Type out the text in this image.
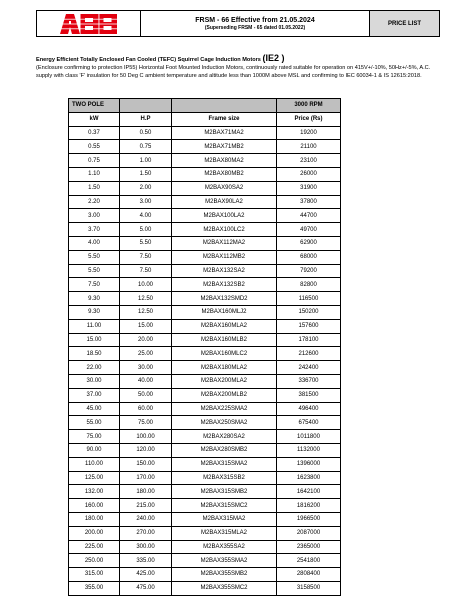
FRSM - 66 Effective from 21.05.2024
(Superseding FRSM - 65 dated 01.05.2022)
PRICE LIST
Energy Efficient Totally Enclosed Fan Cooled (TEFC) Squirrel Cage Induction Motors (IE2 )
(Enclosure confirming to protection IP55) Horizontal Foot Mounted Induction Motors, continuously rated suitable for operation on 415V+/-10%, 50Hz+/-5%, A.C. supply with class 'F' insulation for 50 Deg C ambient temperature and altitude less than 1000M above MSL and confirming to IEC 60034-1 & IS 12615:2018.
TWO POLE			3000 RPM
kW	H.P	Frame size	Price (Rs)
0.37	0.50	M2BAX71MA2	19200
0.55	0.75	M2BAX71MB2	21100
0.75	1.00	M2BAX80MA2	23100
1.10	1.50	M2BAX80MB2	26000
1.50	2.00	M2BAX90SA2	31900
2.20	3.00	M2BAX90LA2	37800
3.00	4.00	M2BAX100LA2	44700
3.70	5.00	M2BAX100LC2	49700
4.00	5.50	M2BAX112MA2	62900
5.50	7.50	M2BAX112MB2	68000
5.50	7.50	M2BAX132SA2	79200
7.50	10.00	M2BAX132SB2	82800
9.30	12.50	M2BAX132SMD2	116500
9.30	12.50	M2BAX160MLJ2	150200
11.00	15.00	M2BAX160MLA2	157600
15.00	20.00	M2BAX160MLB2	178100
18.50	25.00	M2BAX160MLC2	212600
22.00	30.00	M2BAX180MLA2	242400
30.00	40.00	M2BAX200MLA2	336700
37.00	50.00	M2BAX200MLB2	381500
45.00	60.00	M2BAX225SMA2	496400
55.00	75.00	M2BAX250SMA2	675400
75.00	100.00	M2BAX280SA2	1011800
90.00	120.00	M2BAX280SMB2	1132000
110.00	150.00	M2BAX315SMA2	1396000
125.00	170.00	M2BAX315SB2	1623800
132.00	180.00	M2BAX315SMB2	1642100
160.00	215.00	M2BAX315SMC2	1816200
180.00	240.00	M2BAX315MA2	1966500
200.00	270.00	M2BAX315MLA2	2087000
225.00	300.00	M2BAX355SA2	2365000
250.00	335.00	M2BAX355SMA2	2541800
315.00	425.00	M2BAX355SMB2	2808400
355.00	475.00	M2BAX355SMC2	3158500
